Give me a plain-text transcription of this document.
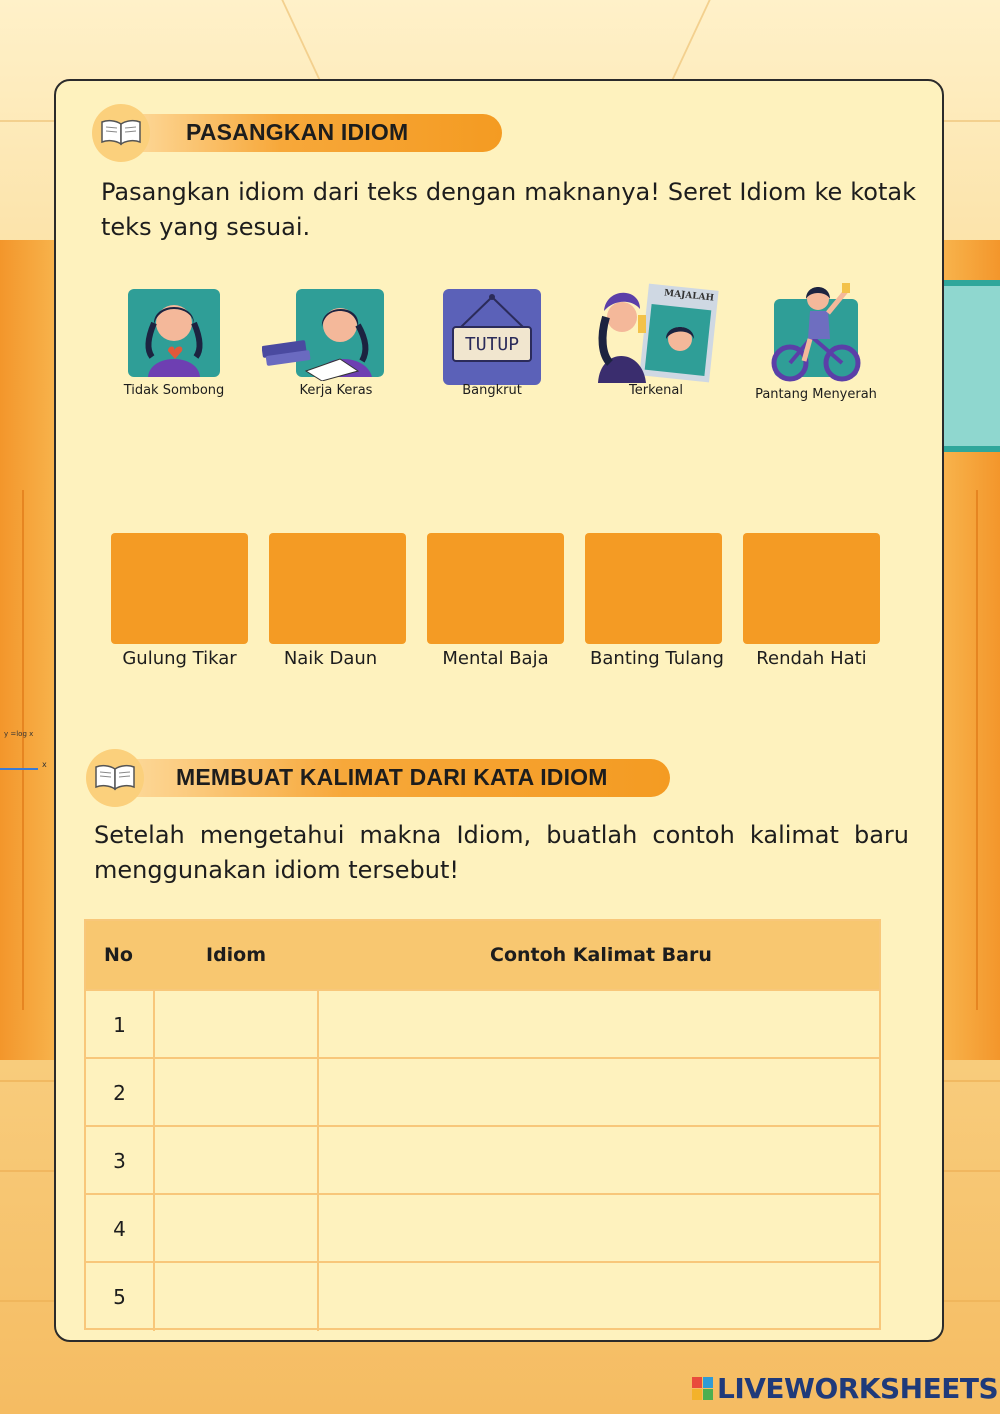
y =log x
x
PASANGKAN IDIOM
Pasangkan idiom dari teks dengan maknanya! Seret Idiom ke kotak teks yang sesuai.
Tidak Sombong	Kerja Keras
TUTUP
Bangkrut
MAJALAH
Terkenal	Pantang Menyerah
Gulung Tikar	Naik Daun	Mental Baja	Banting Tulang	Rendah Hati
MEMBUAT KALIMAT DARI KATA IDIOM
Setelah mengetahui makna Idiom, buatlah contoh kalimat baru menggunakan idiom tersebut!
No	Idiom	Contoh Kalimat Baru
1
2
3
4
5
LIVEWORKSHEETS
